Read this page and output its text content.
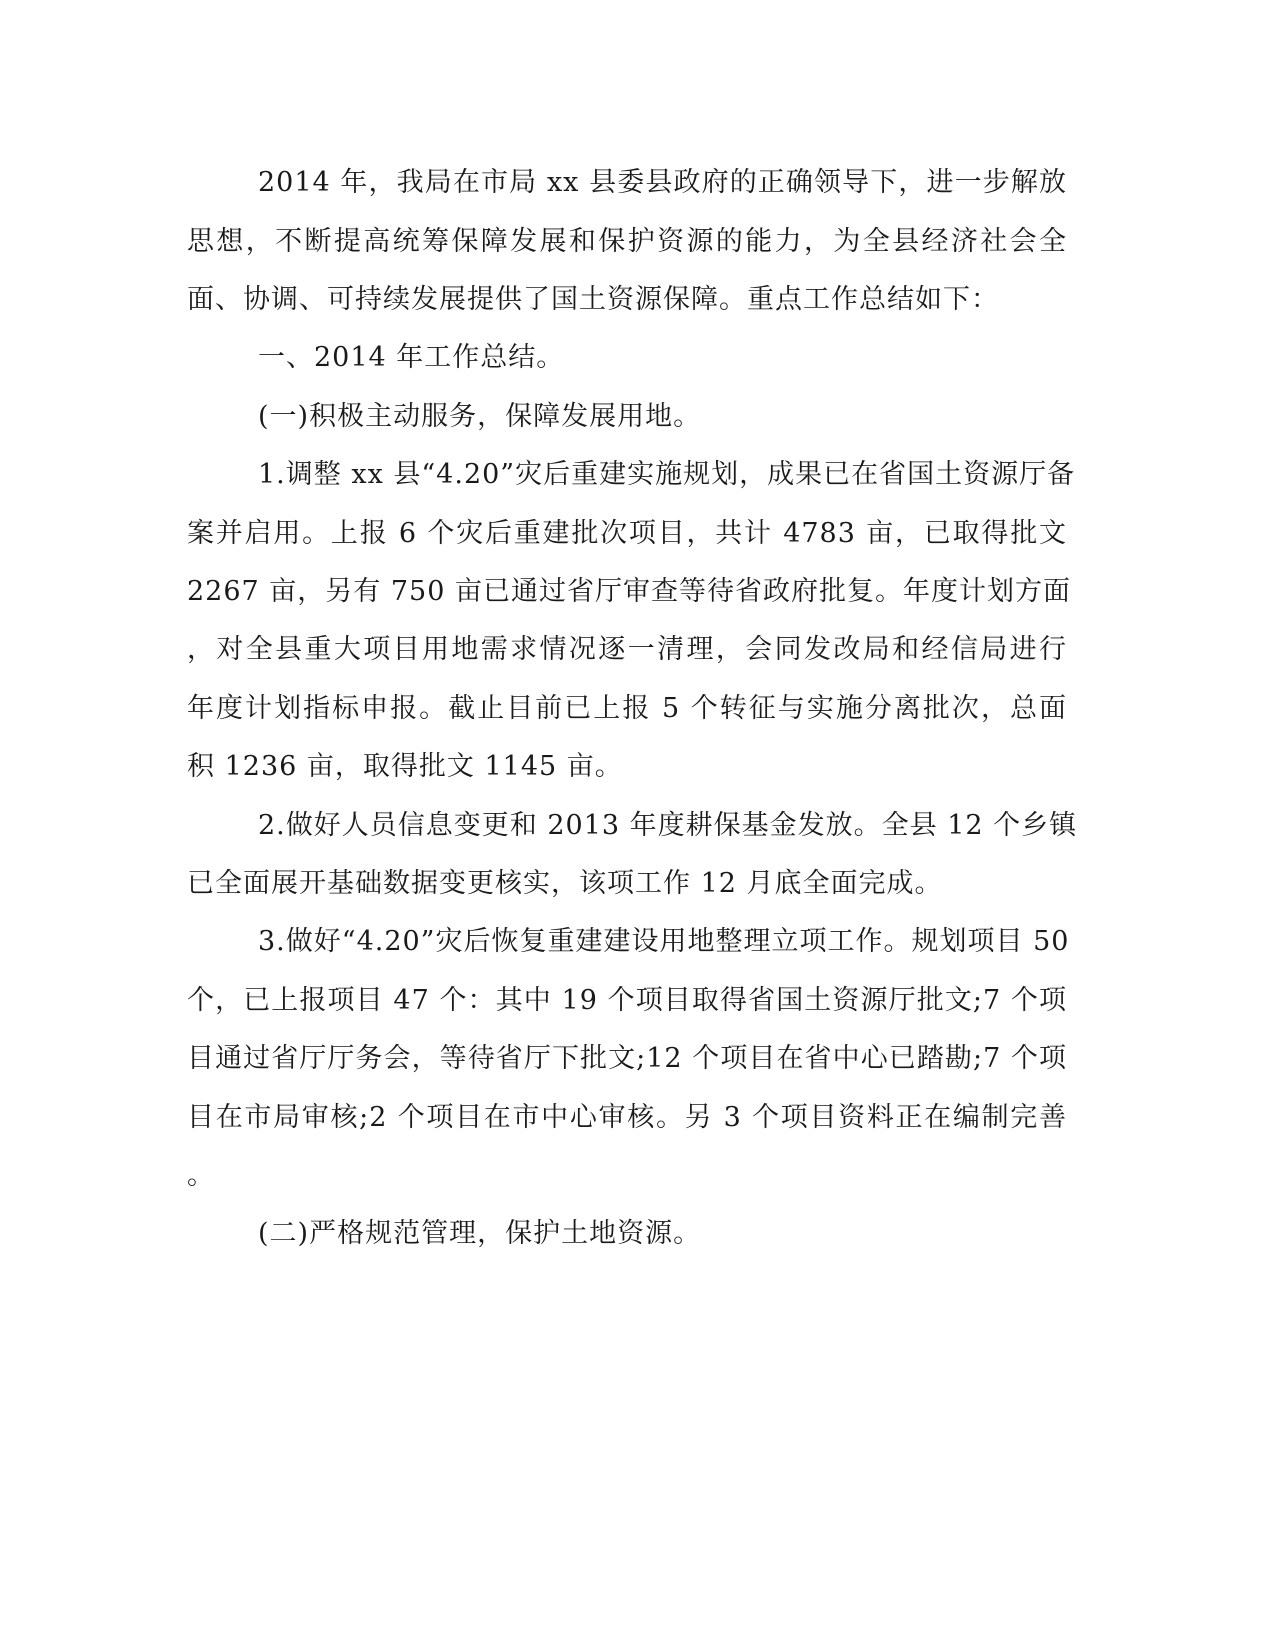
2014 年，我局在市局 xx 县委县政府的正确领导下，进一步解放
思想，不断提高统筹保障发展和保护资源的能力，为全县经济社会全
面、协调、可持续发展提供了国土资源保障。重点工作总结如下：
一、2014 年工作总结。
(一)积极主动服务，保障发展用地。
1.调整 xx 县“4.20”灾后重建实施规划，成果已在省国土资源厅备
案并启用。上报 6 个灾后重建批次项目，共计 4783 亩，已取得批文
2267 亩，另有 750 亩已通过省厅审查等待省政府批复。年度计划方面
，对全县重大项目用地需求情况逐一清理，会同发改局和经信局进行
年度计划指标申报。截止目前已上报 5 个转征与实施分离批次，总面
积 1236 亩，取得批文 1145 亩。
2.做好人员信息变更和 2013 年度耕保基金发放。全县 12 个乡镇
已全面展开基础数据变更核实，该项工作 12 月底全面完成。
3.做好“4.20”灾后恢复重建建设用地整理立项工作。规划项目 50
个，已上报项目 47 个：其中 19 个项目取得省国土资源厅批文;7 个项
目通过省厅厅务会，等待省厅下批文;12 个项目在省中心已踏勘;7 个项
目在市局审核;2 个项目在市中心审核。另 3 个项目资料正在编制完善
。
(二)严格规范管理，保护土地资源。
